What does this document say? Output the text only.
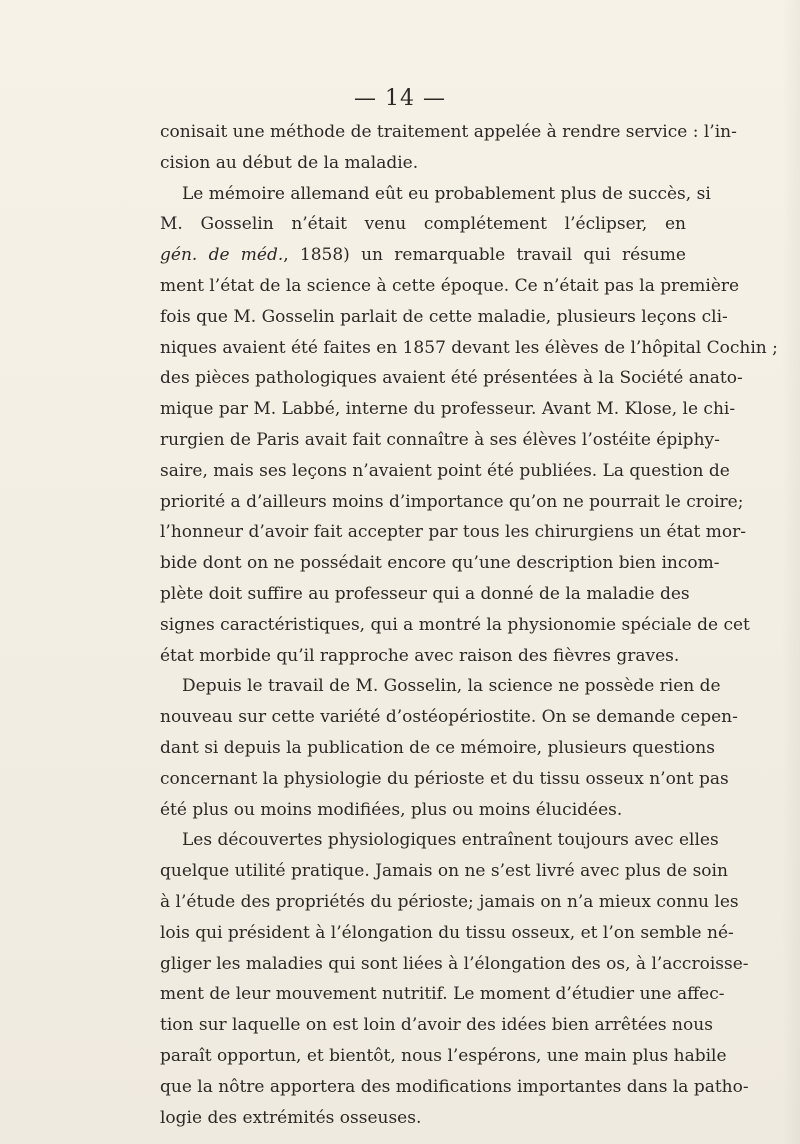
— 14 —
conisait une méthode de traitement appelée à rendre service : l’in-
cision au début de la maladie.
Le mémoire allemand eût eu probablement plus de succès, si
M. Gosselin n’était venu complétement l’éclipser, en
gén. de méd., 1858) un remarquable travail qui résume
ment l’état de la science à cette époque. Ce n’était pas la première
fois que M. Gosselin parlait de cette maladie, plusieurs leçons cli-
niques avaient été faites en 1857 devant les élèves de l’hôpital Cochin ;
des pièces pathologiques avaient été présentées à la Société anato-
mique par M. Labbé, interne du professeur. Avant M. Klose, le chi-
rurgien de Paris avait fait connaître à ses élèves l’ostéite épiphy-
saire, mais ses leçons n’avaient point été publiées. La question de
priorité a d’ailleurs moins d’importance qu’on ne pourrait le croire;
l’honneur d’avoir fait accepter par tous les chirurgiens un état mor-
bide dont on ne possédait encore qu’une description bien incom-
plète doit suffire au professeur qui a donné de la maladie des
signes caractéristiques, qui a montré la physionomie spéciale de cet
état morbide qu’il rapproche avec raison des fièvres graves.
Depuis le travail de M. Gosselin, la science ne possède rien de
nouveau sur cette variété d’ostéopériostite. On se demande cepen-
dant si depuis la publication de ce mémoire, plusieurs questions
concernant la physiologie du périoste et du tissu osseux n’ont pas
été plus ou moins modifiées, plus ou moins élucidées.
Les découvertes physiologiques entraînent toujours avec elles
quelque utilité pratique. Jamais on ne s’est livré avec plus de soin
à l’étude des propriétés du périoste; jamais on n’a mieux connu les
lois qui président à l’élongation du tissu osseux, et l’on semble né-
gliger les maladies qui sont liées à l’élongation des os, à l’accroisse-
ment de leur mouvement nutritif. Le moment d’étudier une affec-
tion sur laquelle on est loin d’avoir des idées bien arrêtées nous
paraît opportun, et bientôt, nous l’espérons, une main plus habile
que la nôtre apportera des modifications importantes dans la patho-
logie des extrémités osseuses.
